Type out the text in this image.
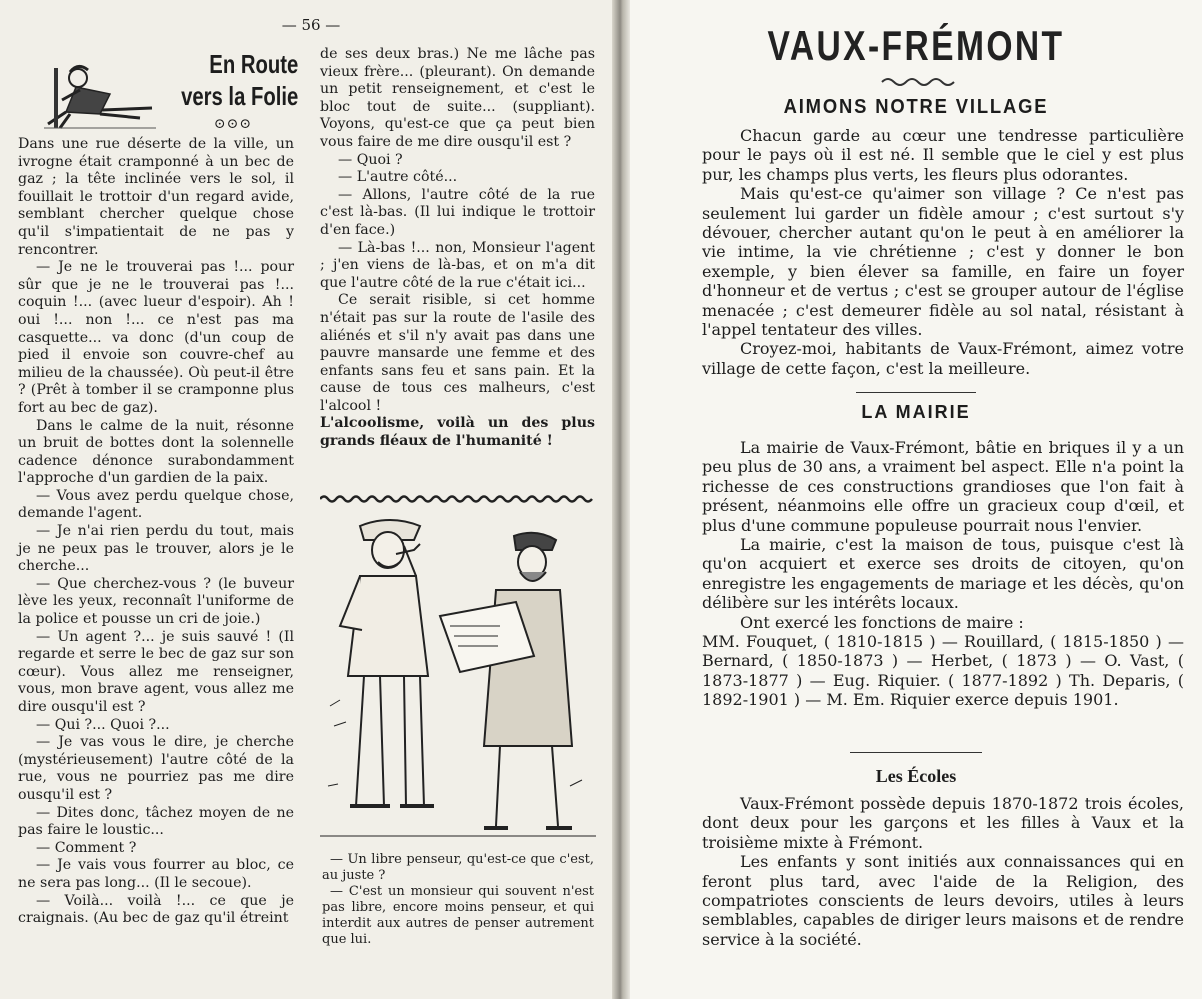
— 56 —
En Route
vers la Folie
⊙⊙⊙

Dans une rue déserte de la ville, un ivrogne était cramponné à un bec de gaz ; la tête inclinée vers le sol, il fouillait le trottoir d'un regard avide, semblant chercher quelque chose qu'il s'impatientait de ne pas y rencontrer.

— Je ne le trouverai pas !... pour sûr que je ne le trouverai pas !... coquin !... (avec lueur d'espoir). Ah ! oui !... non !... ce n'est pas ma casquette... va donc (d'un coup de pied il envoie son couvre-chef au milieu de la chaussée). Où peut-il être ? (Prêt à tomber il se cramponne plus fort au bec de gaz).

Dans le calme de la nuit, résonne un bruit de bottes dont la solennelle cadence dénonce surabondamment l'approche d'un gardien de la paix.

— Vous avez perdu quelque chose, demande l'agent.

— Je n'ai rien perdu du tout, mais je ne peux pas le trouver, alors je le cherche...

— Que cherchez-vous ? (le buveur lève les yeux, reconnaît l'uniforme de la police et pousse un cri de joie.)

— Un agent ?... je suis sauvé ! (Il regarde et serre le bec de gaz sur son cœur). Vous allez me renseigner, vous, mon brave agent, vous allez me dire ousqu'il est ?

— Qui ?... Quoi ?...

— Je vas vous le dire, je cherche (mystérieusement) l'autre côté de la rue, vous ne pourriez pas me dire ousqu'il est ?

— Dites donc, tâchez moyen de ne pas faire le loustic...

— Comment ?

— Je vais vous fourrer au bloc, ce ne sera pas long... (Il le secoue).

— Voilà... voilà !... ce que je craignais. (Au bec de gaz qu'il étreint

de ses deux bras.) Ne me lâche pas vieux frère... (pleurant). On demande un petit renseignement, et c'est le bloc tout de suite... (suppliant). Voyons, qu'est-ce que ça peut bien vous faire de me dire ousqu'il est ?

— Quoi ?

— L'autre côté...

— Allons, l'autre côté de la rue c'est là-bas. (Il lui indique le trottoir d'en face.)

— Là-bas !... non, Monsieur l'agent ; j'en viens de là-bas, et on m'a dit que l'autre côté de la rue c'était ici...

Ce serait risible, si cet homme n'était pas sur la route de l'asile des aliénés et s'il n'y avait pas dans une pauvre mansarde une femme et des enfants sans feu et sans pain. Et la cause de tous ces malheurs, c'est l'alcool !

L'alcoolisme, voilà un des plus grands fléaux de l'humanité !

— Un libre penseur, qu'est-ce que c'est, au juste ?

— C'est un monsieur qui souvent n'est pas libre, encore moins penseur, et qui interdit aux autres de penser autrement que lui.

VAUX-FRÉMONT
AIMONS NOTRE VILLAGE

Chacun garde au cœur une tendresse particulière pour le pays où il est né. Il semble que le ciel y est plus pur, les champs plus verts, les fleurs plus odorantes.

Mais qu'est-ce qu'aimer son village ? Ce n'est pas seulement lui garder un fidèle amour ; c'est surtout s'y dévouer, chercher autant qu'on le peut à en améliorer la vie intime, la vie chrétienne ; c'est y donner le bon exemple, y bien élever sa famille, en faire un foyer d'honneur et de vertus ; c'est se grouper autour de l'église menacée ; c'est demeurer fidèle au sol natal, résistant à l'appel tentateur des villes.

Croyez-moi, habitants de Vaux-Frémont, aimez votre village de cette façon, c'est la meilleure.

LA MAIRIE

La mairie de Vaux-Frémont, bâtie en briques il y a un peu plus de 30 ans, a vraiment bel aspect. Elle n'a point la richesse de ces constructions grandioses que l'on fait à présent, néanmoins elle offre un gracieux coup d'œil, et plus d'une commune populeuse pourrait nous l'envier.

La mairie, c'est la maison de tous, puisque c'est là qu'on acquiert et exerce ses droits de citoyen, qu'on enregistre les engagements de mariage et les décès, qu'on délibère sur les intérêts locaux.

Ont exercé les fonctions de maire :

MM. Fouquet, ( 1810-1815 ) — Rouillard, ( 1815-1850 ) — Bernard, ( 1850-1873 ) — Herbet, ( 1873 ) — O. Vast, ( 1873-1877 ) — Eug. Riquier. ( 1877-1892 ) Th. Deparis, ( 1892-1901 ) — M. Em. Riquier exerce depuis 1901.

Les Écoles

Vaux-Frémont possède depuis 1870-1872 trois écoles, dont deux pour les garçons et les filles à Vaux et la troisième mixte à Frémont.

Les enfants y sont initiés aux connaissances qui en feront plus tard, avec l'aide de la Religion, des compatriotes conscients de leurs devoirs, utiles à leurs semblables, capables de diriger leurs maisons et de rendre service à la société.
